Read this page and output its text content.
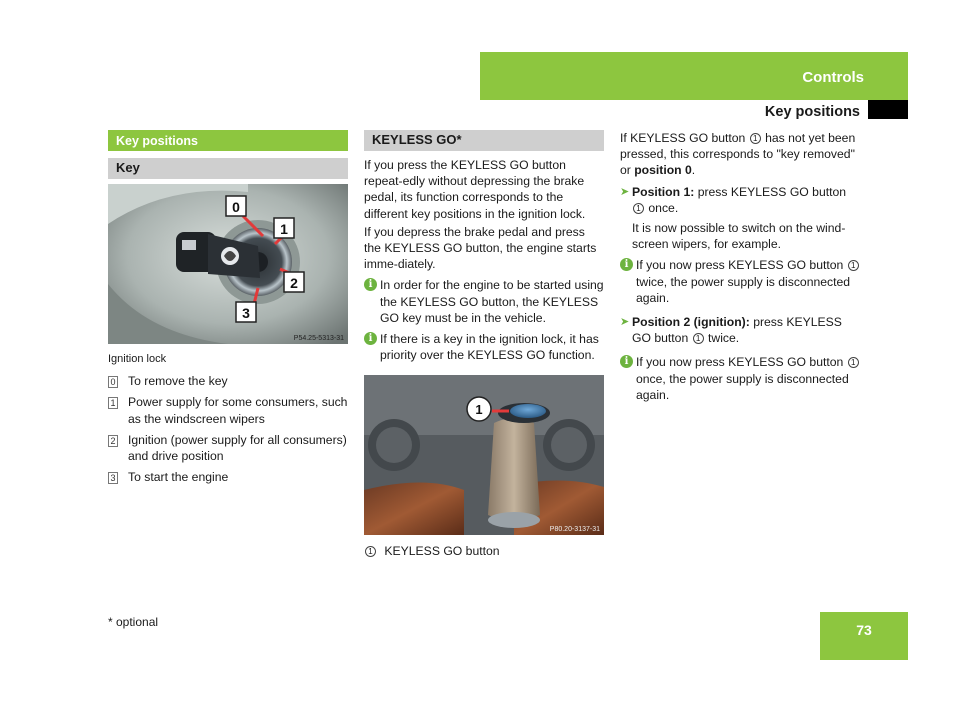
Controls
Key positions
Key positions
Key
0
1
2
3
P54.25-5313-31
Ignition lock
0	To remove the key
1	Power supply for some consumers, such as the windscreen wipers
2	Ignition (power supply for all consumers) and drive position
3	To start the engine
KEYLESS GO*

If you press the KEYLESS GO button repeat-edly without depressing the brake pedal, its function corresponds to the different key positions in the ignition lock.

If you depress the brake pedal and press the KEYLESS GO button, the engine starts imme-diately.

i In order for the engine to be started using the KEYLESS GO button, the KEYLESS GO key must be in the vehicle.
i If there is a key in the ignition lock, it has priority over the KEYLESS GO function.
1
P80.20-3137-31
1 KEYLESS GO button

If KEYLESS GO button 1 has not yet been pressed, this corresponds to "key removed" or position 0.

➤ Position 1: press KEYLESS GO button 1 once.

It is now possible to switch on the wind-screen wipers, for example.

i If you now press KEYLESS GO button 1 twice, the power supply is disconnected again.
➤ Position 2 (ignition): press KEYLESS GO button 1 twice.
i If you now press KEYLESS GO button 1 once, the power supply is disconnected again.
* optional	73
